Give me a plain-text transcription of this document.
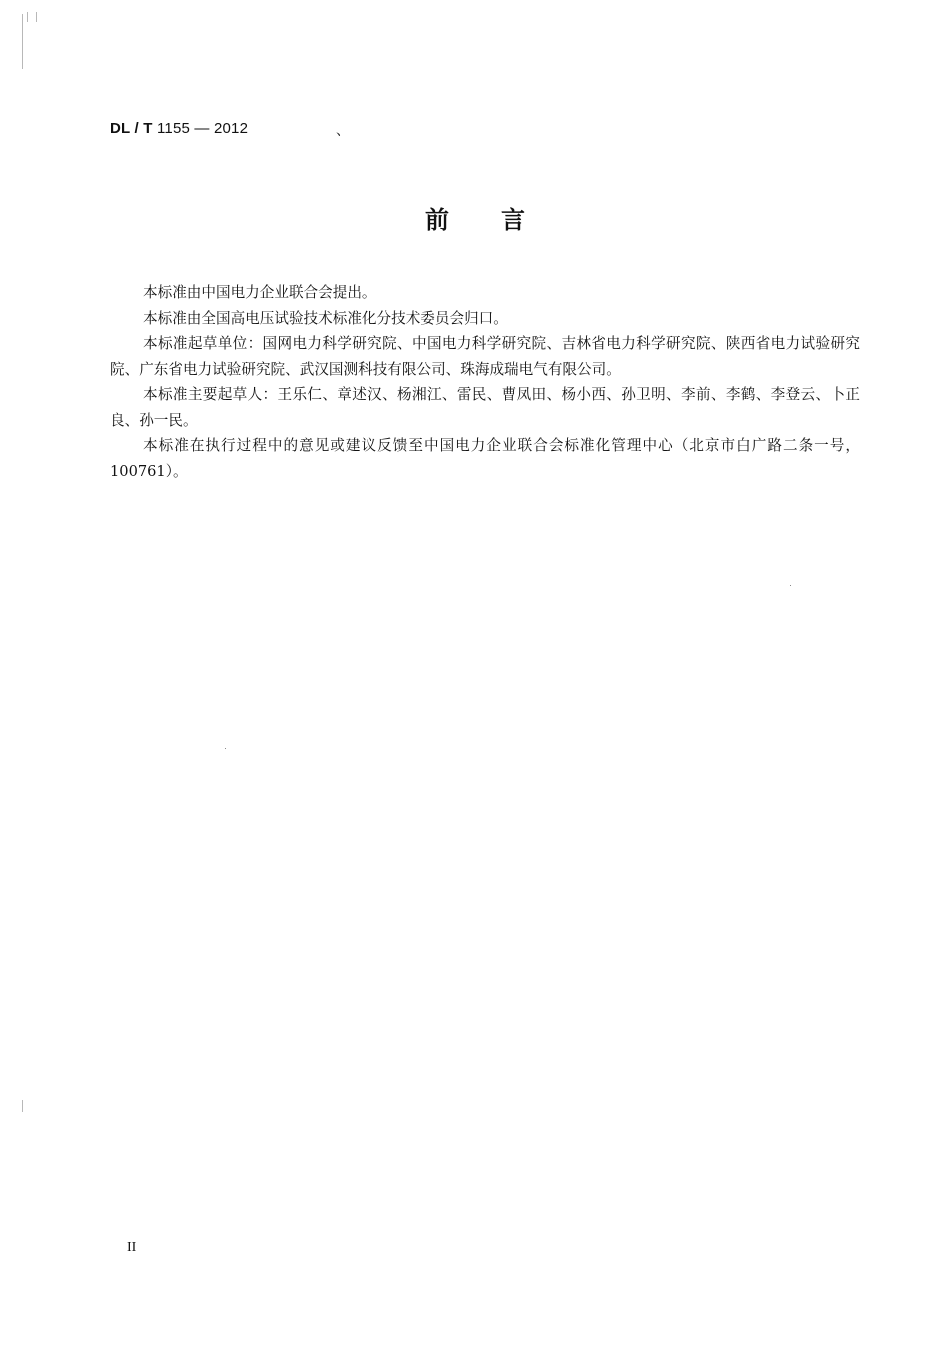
DL / T 1155 — 2012	、
前言

本标准由中国电力企业联合会提出。

本标准由全国高电压试验技术标准化分技术委员会归口。

本标准起草单位：国网电力科学研究院、中国电力科学研究院、吉林省电力科学研究院、陕西省电力试验研究院、广东省电力试验研究院、武汉国测科技有限公司、珠海成瑞电气有限公司。

本标准主要起草人：王乐仁、章述汉、杨湘江、雷民、曹凤田、杨小西、孙卫明、李前、李鹤、李登云、卜正良、孙一民。

本标准在执行过程中的意见或建议反馈至中国电力企业联合会标准化管理中心（北京市白广路二条一号，100761）。

II
